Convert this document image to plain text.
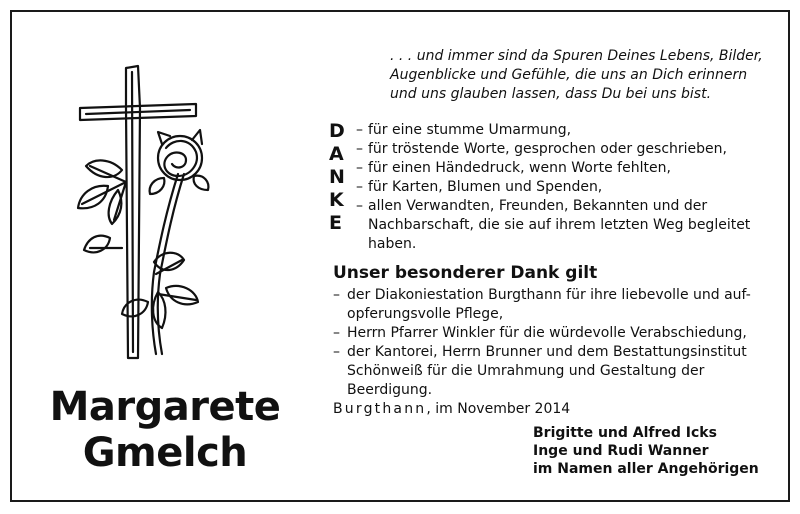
Margarete
Gmelch
. . . und immer sind da Spuren Deines Lebens, Bilder,
Augenblicke und Gefühle, die uns an Dich erinnern
und uns glauben lassen, dass Du bei uns bist.
D
A
N
K
E
– für eine stumme Umarmung,
– für tröstende Worte, gesprochen oder geschrieben,
– für einen Händedruck, wenn Worte fehlten,
– für Karten, Blumen und Spenden,
– allen Verwandten, Freunden, Bekannten und der
Nachbarschaft, die sie auf ihrem letzten Weg begleitet
haben.
Unser besonderer Dank gilt
– der Diakoniestation Burgthann für ihre liebevolle und auf-
opferungsvolle Pflege,
– Herrn Pfarrer Winkler für die würdevolle Verabschiedung,
– der Kantorei, Herrn Brunner und dem Bestattungsinstitut
Schönweiß für die Umrahmung und Gestaltung der
Beerdigung.
Burgthann, im November 2014
Brigitte und Alfred Icks
Inge und Rudi Wanner
im Namen aller Angehörigen
